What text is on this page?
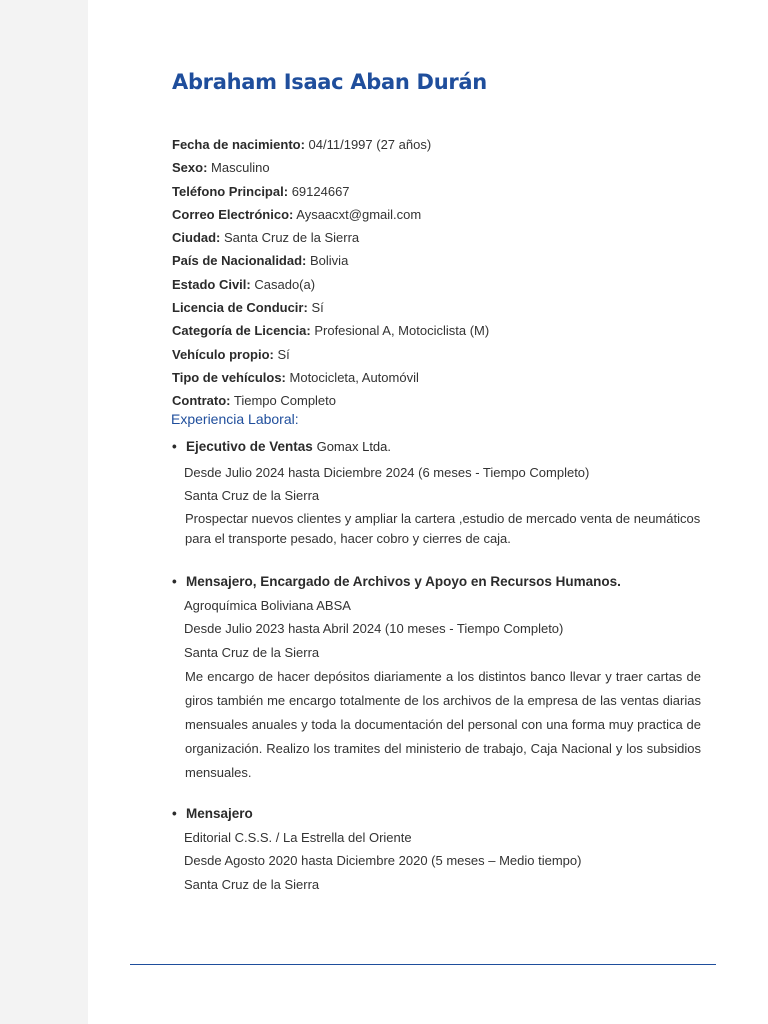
Abraham Isaac Aban Durán
Fecha de nacimiento: 04/11/1997 (27 años)
Sexo: Masculino
Teléfono Principal: 69124667
Correo Electrónico: Aysaacxt@gmail.com
Ciudad: Santa Cruz de la Sierra
País de Nacionalidad: Bolivia
Estado Civil: Casado(a)
Licencia de Conducir: Sí
Categoría de Licencia: Profesional A, Motociclista (M)
Vehículo propio: Sí
Tipo de vehículos: Motocicleta, Automóvil
Contrato: Tiempo Completo
Experiencia Laboral:
• Ejecutivo de Ventas Gomax Ltda.
Desde Julio 2024 hasta Diciembre 2024 (6 meses - Tiempo Completo)
Santa Cruz de la Sierra
Prospectar nuevos clientes y ampliar la cartera ,estudio de mercado venta de neumáticos para el transporte pesado, hacer cobro y cierres de caja.
• Mensajero, Encargado de Archivos y Apoyo en Recursos Humanos.
Agroquímica Boliviana ABSA
Desde Julio 2023 hasta Abril 2024 (10 meses - Tiempo Completo)
Santa Cruz de la Sierra
Me encargo de hacer depósitos diariamente a los distintos banco llevar y traer cartas de giros también me encargo totalmente de los archivos de la empresa de las ventas diarias mensuales anuales y toda la documentación del personal con una forma muy practica de organización. Realizo los tramites del ministerio de trabajo, Caja Nacional y los subsidios mensuales.
• Mensajero
Editorial C.S.S. / La Estrella del Oriente
Desde Agosto 2020 hasta Diciembre 2020 (5 meses – Medio tiempo)
Santa Cruz de la Sierra
